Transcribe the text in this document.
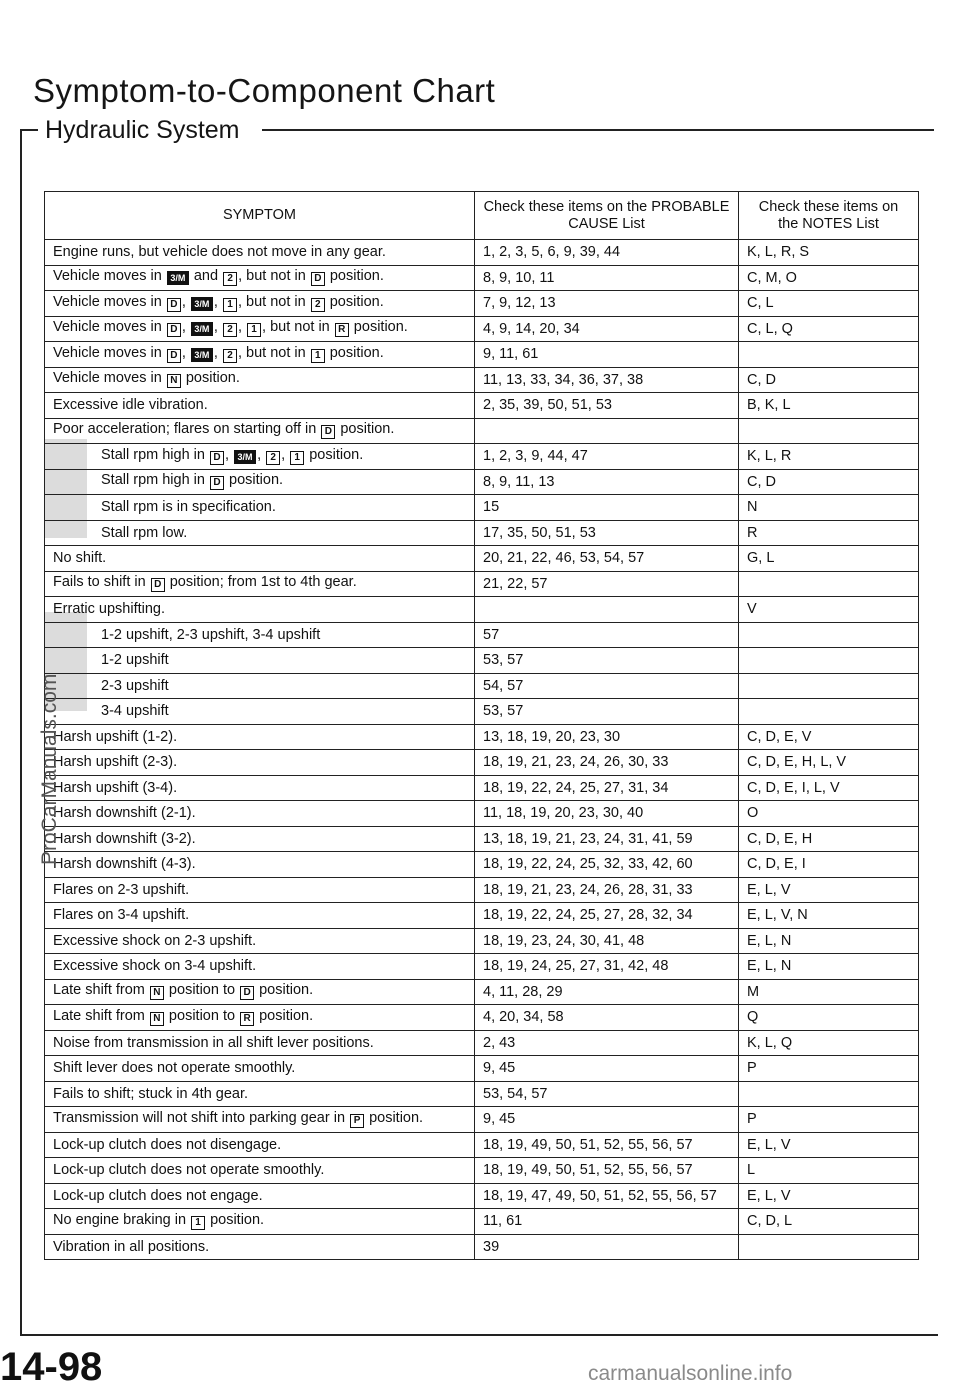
Symptom-to-Component Chart
Hydraulic System
SYMPTOM	Check these items on the PROBABLE CAUSE List	Check these items on the NOTES List
Engine runs, but vehicle does not move in any gear.	1, 2, 3, 5, 6, 9, 39, 44	K, L, R, S
Vehicle moves in 3/M and 2 , but not in D position.	8, 9, 10, 11	C, M, O
Vehicle moves in D , 3/M , 1 , but not in 2 position.	7, 9, 12, 13	C, L
Vehicle moves in D , 3/M , 2 , 1 , but not in R position.	4, 9, 14, 20, 34	C, L, Q
Vehicle moves in D , 3/M , 2 , but not in 1 position.	9, 11, 61	
Vehicle moves in N position.	11, 13, 33, 34, 36, 37, 38	C, D
Excessive idle vibration.	2, 35, 39, 50, 51, 53	B, K, L
Poor acceleration; flares on starting off in D position.		
Stall rpm high in D , 3/M , 2 , 1 position.	1, 2, 3, 9, 44, 47	K, L, R
Stall rpm high in D position.	8, 9, 11, 13	C, D
Stall rpm is in specification.	15	N
Stall rpm low.	17, 35, 50, 51, 53	R
No shift.	20, 21, 22, 46, 53, 54, 57	G, L
Fails to shift in D position; from 1st to 4th gear.	21, 22, 57	
Erratic upshifting.		V
1-2 upshift, 2-3 upshift, 3-4 upshift	57	
1-2 upshift	53, 57	
2-3 upshift	54, 57	
3-4 upshift	53, 57	
Harsh upshift (1-2).	13, 18, 19, 20, 23, 30	C, D, E, V
Harsh upshift (2-3).	18, 19, 21, 23, 24, 26, 30, 33	C, D, E, H, L, V
Harsh upshift (3-4).	18, 19, 22, 24, 25, 27, 31, 34	C, D, E, I, L, V
Harsh downshift (2-1).	11, 18, 19, 20, 23, 30, 40	O
Harsh downshift (3-2).	13, 18, 19, 21, 23, 24, 31, 41, 59	C, D, E, H
Harsh downshift (4-3).	18, 19, 22, 24, 25, 32, 33, 42, 60	C, D, E, I
Flares on 2-3 upshift.	18, 19, 21, 23, 24, 26, 28, 31, 33	E, L, V
Flares on 3-4 upshift.	18, 19, 22, 24, 25, 27, 28, 32, 34	E, L, V, N
Excessive shock on 2-3 upshift.	18, 19, 23, 24, 30, 41, 48	E, L, N
Excessive shock on 3-4 upshift.	18, 19, 24, 25, 27, 31, 42, 48	E, L, N
Late shift from N position to D position.	4, 11, 28, 29	M
Late shift from N position to R position.	4, 20, 34, 58	Q
Noise from transmission in all shift lever positions.	2, 43	K, L, Q
Shift lever does not operate smoothly.	9, 45	P
Fails to shift; stuck in 4th gear.	53, 54, 57	
Transmission will not shift into parking gear in P position.	9, 45	P
Lock-up clutch does not disengage.	18, 19, 49, 50, 51, 52, 55, 56, 57	E, L, V
Lock-up clutch does not operate smoothly.	18, 19, 49, 50, 51, 52, 55, 56, 57	L
Lock-up clutch does not engage.	18, 19, 47, 49, 50, 51, 52, 55, 56, 57	E, L, V
No engine braking in 1 position.	11, 61	C, D, L
Vibration in all positions.	39	
14-98
ProCarManuals.com
carmanualsonline.info
